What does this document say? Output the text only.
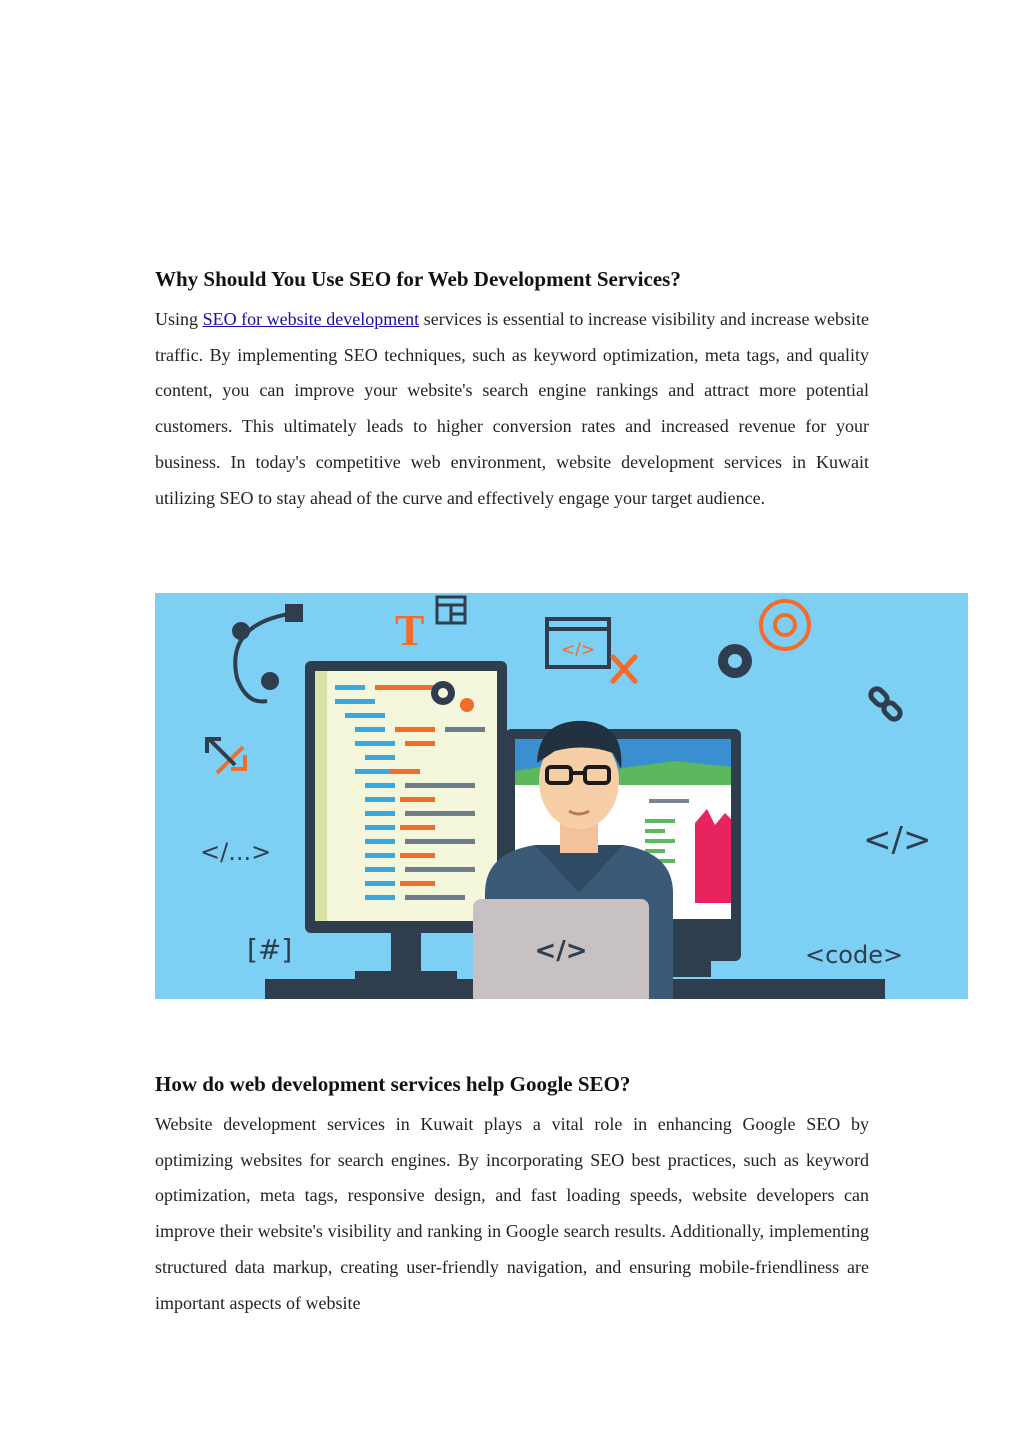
Why Should You Use SEO for Web Development Services?

Using SEO for website development services is essential to increase visibility and increase website traffic. By implementing SEO techniques, such as keyword optimization, meta tags, and quality content, you can improve your website's search engine rankings and attract more potential customers. This ultimately leads to higher conversion rates and increased revenue for your business. In today's competitive web environment, website development services in Kuwait utilizing SEO to stay ahead of the curve and effectively engage your target audience.

T	</>
</...>	</>
[#]	<code>
</>
How do web development services help Google SEO?

Website development services in Kuwait plays a vital role in enhancing Google SEO by optimizing websites for search engines. By incorporating SEO best practices, such as keyword optimization, meta tags, responsive design, and fast loading speeds, website developers can improve their website's visibility and ranking in Google search results. Additionally, implementing structured data markup, creating user-friendly navigation, and ensuring mobile-friendliness are important aspects of website
